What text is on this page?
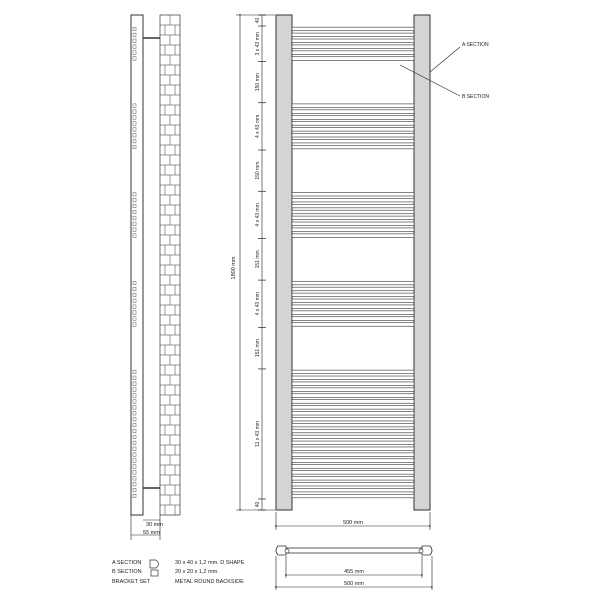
30 mm
55 mm
1800 mm
40
3 x 43 mm
150 mm
4 x 43 mm
150 mm
4 x 43 mm
151 mm
4 x 43 mm
151 mm
11 x 43 mm
40
A SECTION
B SECTION
500 mm
455 mm
500 mm
A SECTION	30 x 40 x 1,2 mm. D SHAPE
B SECTION	20 x 20 x 1,2 mm.
BRACKET SET	METAL ROUND BACKSIDE
